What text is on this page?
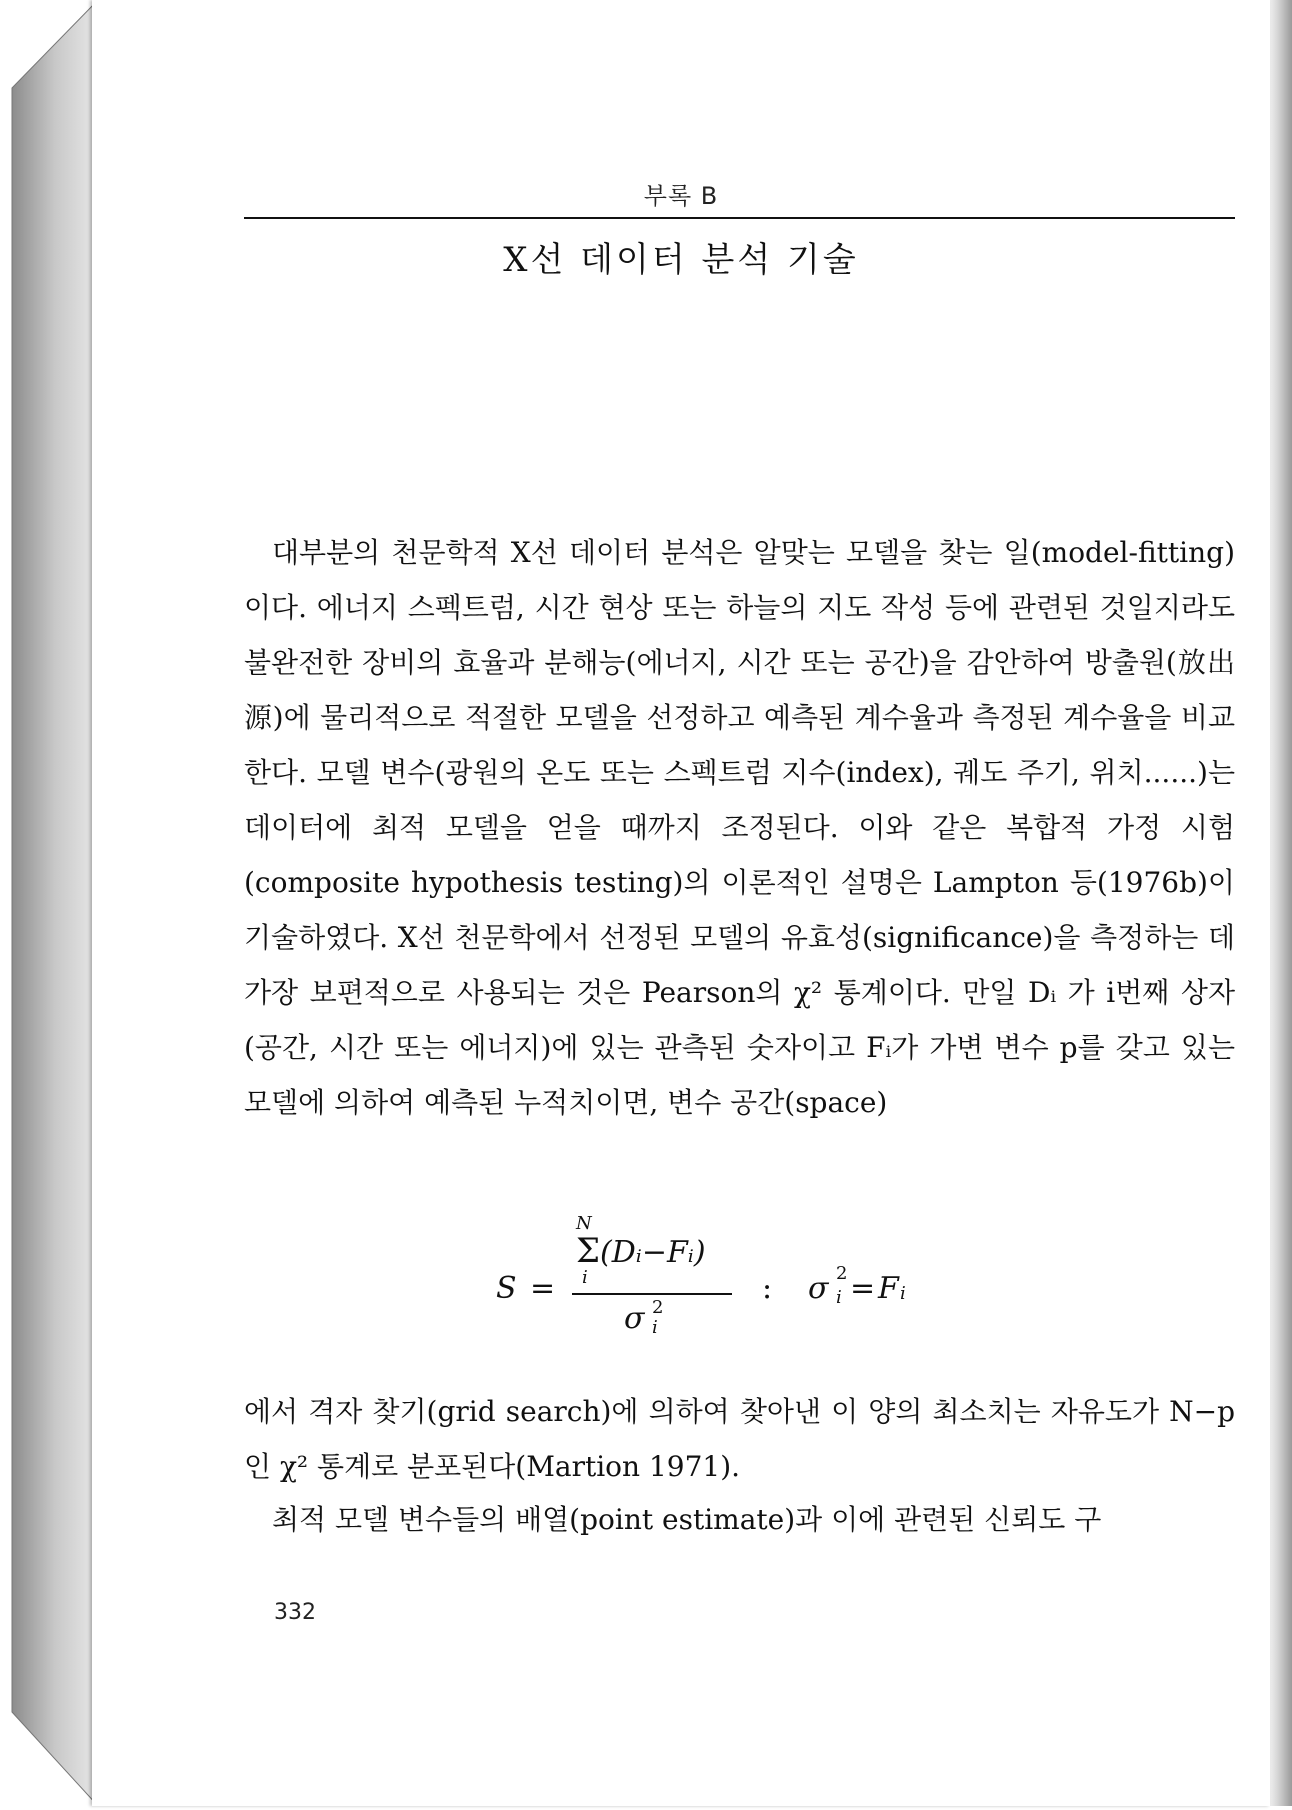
부록 B
X선 데이터 분석 기술

대부분의 천문학적 X선 데이터 분석은 알맞는 모델을 찾는 일(model-fitting)이다. 에너지 스펙트럼, 시간 현상 또는 하늘의 지도 작성 등에 관련된 것일지라도 불완전한 장비의 효율과 분해능(에너지, 시간 또는 공간)을 감안하여 방출원(放出源)에 물리적으로 적절한 모델을 선정하고 예측된 계수율과 측정된 계수율을 비교한다. 모델 변수(광원의 온도 또는 스펙트럼 지수(index), 궤도 주기, 위치......)는 데이터에 최적 모델을 얻을 때까지 조정된다. 이와 같은 복합적 가정 시험(composite hypothesis testing)의 이론적인 설명은 Lampton 등(1976b)이 기술하였다. X선 천문학에서 선정된 모델의 유효성(significance)을 측정하는 데 가장 보편적으로 사용되는 것은 Pearson의 χ² 통계이다. 만일 Dᵢ 가 i번째 상자(공간, 시간 또는 에너지)에 있는 관측된 숫자이고 Fᵢ가 가변 변수 p를 갖고 있는 모델에 의하여 예측된 누적치이면, 변수 공간(space)

S =
N
Σ(Dᵢ−Fᵢ)
i
σ 2
i
: σ 2
i = F i

에서 격자 찾기(grid search)에 의하여 찾아낸 이 양의 최소치는 자유도가 N−p인 χ² 통계로 분포된다(Martion 1971).

최적 모델 변수들의 배열(point estimate)과 이에 관련된 신뢰도 구

332
